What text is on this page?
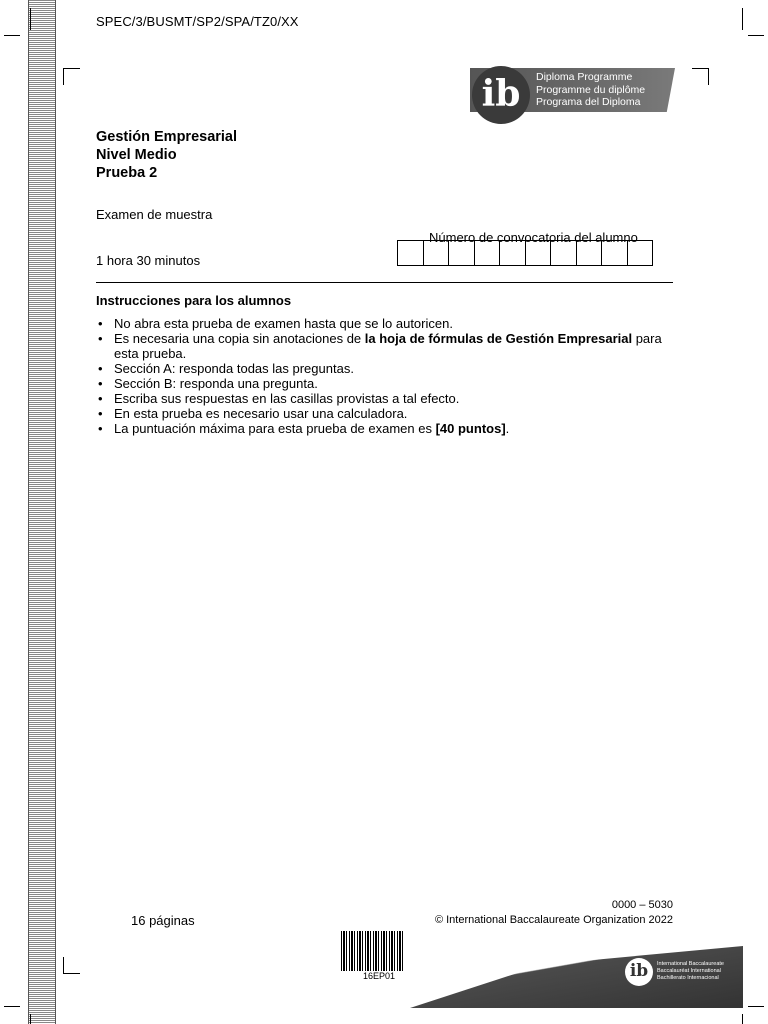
SPEC/3/BUSMT/SP2/SPA/TZ0/XX
ib	Diploma Programme
Programme du diplôme
Programa del Diploma
Gestión Empresarial
Nivel Medio
Prueba 2
Examen de muestra
1 hora 30 minutos
Número de convocatoria del alumno
Instrucciones para los alumnos
• No abra esta prueba de examen hasta que se lo autoricen.
• Es necesaria una copia sin anotaciones de la hoja de fórmulas de Gestión Empresarial para esta prueba.
• Sección A: responda todas las preguntas.
• Sección B: responda una pregunta.
• Escriba sus respuestas en las casillas provistas a tal efecto.
• En esta prueba es necesario usar una calculadora.
• La puntuación máxima para esta prueba de examen es [40 puntos].
16 páginas
0000 – 5030
© International Baccalaureate Organization 2022
16EP01	ib	International Baccalaureate
Baccalauréat International
Bachillerato Internacional
